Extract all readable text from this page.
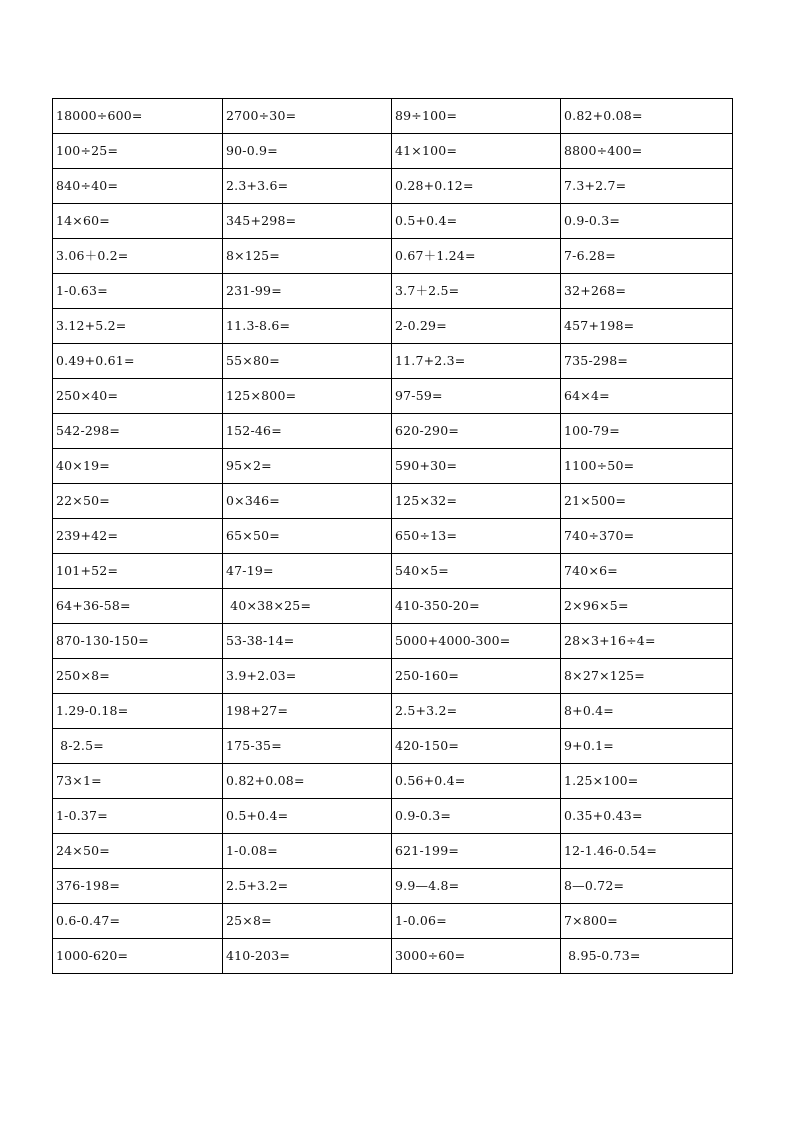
18000÷600=	2700÷30=	89÷100=	0.82+0.08=
100÷25=	90-0.9=	41×100=	8800÷400=
840÷40=	2.3+3.6=	0.28+0.12=	7.3+2.7=
14×60=	345+298=	0.5+0.4=	0.9-0.3=
3.06＋0.2=	8×125=	0.67＋1.24=	7-6.28=
1-0.63=	231-99=	3.7＋2.5=	32+268=
3.12+5.2=	11.3-8.6=	2-0.29=	457+198=
0.49+0.61=	55×80=	11.7+2.3=	735-298=
250×40=	125×800=	97-59=	64×4=
542-298=	152-46=	620-290=	100-79=
40×19=	95×2=	590+30=	1100÷50=
22×50=	0×346=	125×32=	21×500=
239+42=	65×50=	650÷13=	740÷370=
101+52=	47-19=	540×5=	740×6=
64+36-58=	40×38×25=	410-350-20=	2×96×5=
870-130-150=	53-38-14=	5000+4000-300=	28×3+16÷4=
250×8=	3.9+2.03=	250-160=	8×27×125=
1.29-0.18=	198+27=	2.5+3.2=	8+0.4=
8-2.5=	175-35=	420-150=	9+0.1=
73×1=	0.82+0.08=	0.56+0.4=	1.25×100=
1-0.37=	0.5+0.4=	0.9-0.3=	0.35+0.43=
24×50=	1-0.08=	621-199=	12-1.46-0.54=
376-198=	2.5+3.2=	9.9—4.8=	8—0.72=
0.6-0.47=	25×8=	1-0.06=	7×800=
1000-620=	410-203=	3000÷60=	8.95-0.73=
